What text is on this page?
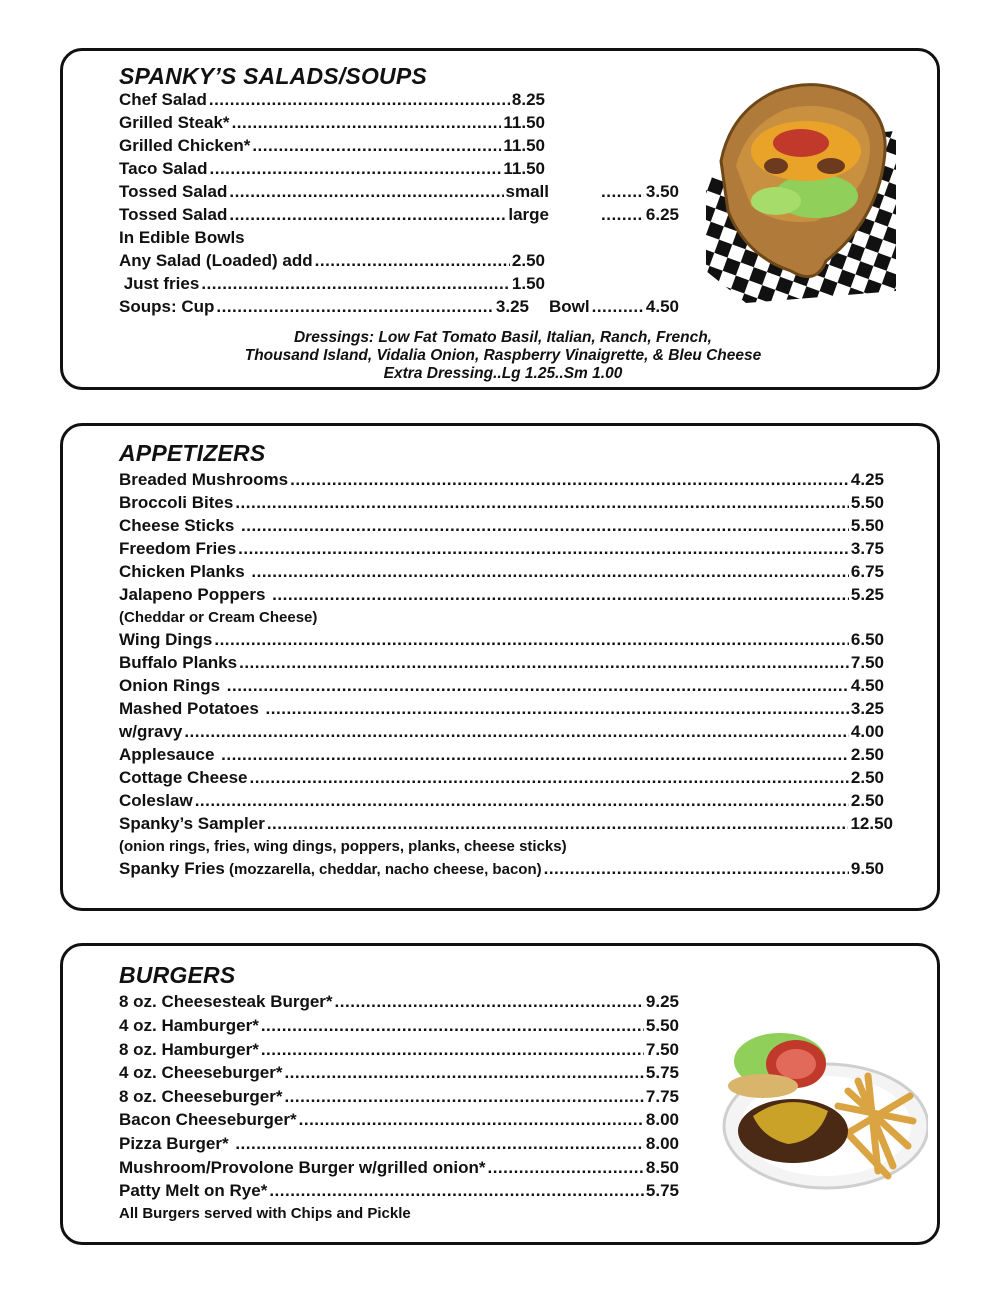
SPANKY’S SALADS/SOUPS
Chef Salad .....	8.25
Grilled Steak* .....	11.50
Grilled Chicken* .....	11.50
Taco Salad .....	11.50
Tossed Salad .....	small .....	3.50
Tossed Salad .....	large .....	6.25
In Edible Bowls
Any Salad (Loaded) add .....	2.50
Just fries .....	1.50
Soups: Cup .....	3.25 Bowl .....	4.50
Dressings: Low Fat Tomato Basil, Italian, Ranch, French,
Thousand Island, Vidalia Onion, Raspberry Vinaigrette, & Bleu Cheese
Extra Dressing..Lg 1.25..Sm 1.00
APPETIZERS
Breaded Mushrooms .....	4.25
Broccoli Bites .....	5.50
Cheese Sticks .....	5.50
Freedom Fries .....	3.75
Chicken Planks .....	6.75
Jalapeno Poppers .....	5.25
(Cheddar or Cream Cheese)
Wing Dings .....	6.50
Buffalo Planks .....	7.50
Onion Rings .....	4.50
Mashed Potatoes .....	3.25
w/gravy .....	4.00
Applesauce .....	2.50
Cottage Cheese .....	2.50
Coleslaw .....	2.50
Spanky’s Sampler .....	12.50
(onion rings, fries, wing dings, poppers, planks, cheese sticks)
Spanky Fries (mozzarella, cheddar, nacho cheese, bacon) .....	9.50
BURGERS
8 oz. Cheesesteak Burger* .....	9.25
4 oz. Hamburger* .....	5.50
8 oz. Hamburger* .....	7.50
4 oz. Cheeseburger* .....	5.75
8 oz. Cheeseburger* .....	7.75
Bacon Cheeseburger* .....	8.00
Pizza Burger* .....	8.00
Mushroom/Provolone Burger w/grilled onion* .....	8.50
Patty Melt on Rye* .....	5.75
All Burgers served with Chips and Pickle
